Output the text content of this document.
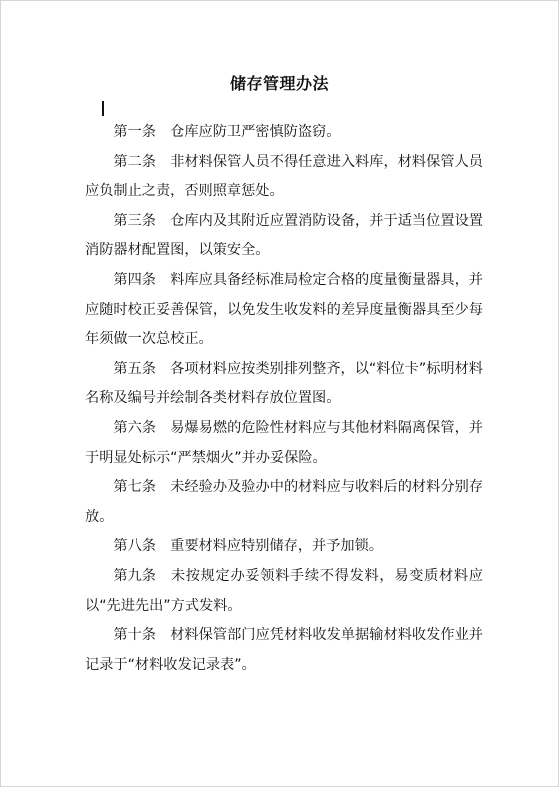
储存管理办法

第一条 仓库应防卫严密慎防盗窃。

第二条 非材料保管人员不得任意进入料库，材料保管人员应负制止之责，否则照章惩处。

第三条 仓库内及其附近应置消防设备，并于适当位置设置消防器材配置图，以策安全。

第四条 料库应具备经标准局检定合格的度量衡量器具，并应随时校正妥善保管，以免发生收发料的差异度量衡器具至少每年须做一次总校正。

第五条 各项材料应按类别排列整齐，以“料位卡”标明材料名称及编号并绘制各类材料存放位置图。

第六条 易爆易燃的危险性材料应与其他材料隔离保管，并于明显处标示“严禁烟火”并办妥保险。

第七条 未经验办及验办中的材料应与收料后的材料分别存放。

第八条 重要材料应特别储存，并予加锁。

第九条 未按规定办妥领料手续不得发料，易变质材料应以“先进先出”方式发料。

第十条 材料保管部门应凭材料收发单据输材料收发作业并记录于“材料收发记录表”。
